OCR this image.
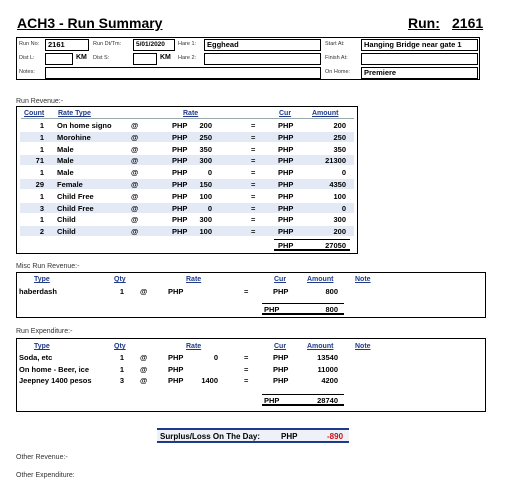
ACH3 - Run Summary	Run: 2161
Run No:	2161	Run Dt/Tm:	5/01/2020	Hare 1:	Egghead	Start At:	Hanging Bridge near gate 1
Dist L:	KM Dist S:	KM Hare 2:	Finish At:
Notes:	On Home:	Premiere
Run Revenue:-
Count Rate Type	Rate	Cur	Amount
1 On home signo	@	PHP	200	=	PHP	200
1 Morohine	@	PHP	250	=	PHP	250
1 Male	@	PHP	350	=	PHP	350
71 Male	@	PHP	300	=	PHP	21300
1 Male	@	PHP	0	=	PHP	0
29 Female	@	PHP	150	=	PHP	4350
1 Child Free	@	PHP	100	=	PHP	100
3 Child Free	@	PHP	0	=	PHP	0
1 Child	@	PHP	300	=	PHP	300
2 Child	@	PHP	100	=	PHP	200
PHP	27050
Misc Run Revenue:-
Type	Qty	Rate	Cur	Amount	Note
haberdash	1 @	PHP	=	PHP	800
PHP	800
Run Expenditure:-
Type	Qty	Rate	Cur	Amount	Note
Soda, etc	1 @	PHP	0	=	PHP	13540
On home - Beer, ice	1 @	PHP	=	PHP	11000
Jeepney 1400 pesos	3 @	PHP	1400	=	PHP	4200
PHP	28740
Surplus/Loss On The Day:	PHP	-890
Other Revenue:-
Other Expenditure:
